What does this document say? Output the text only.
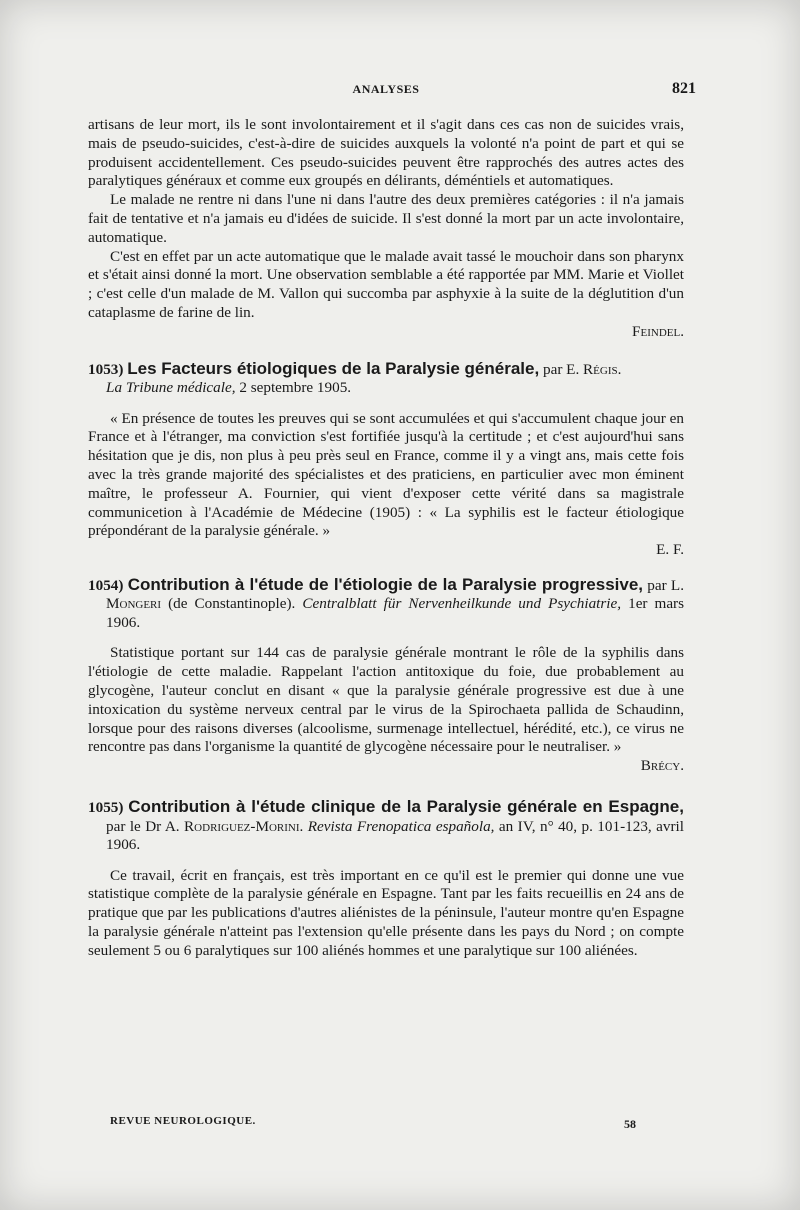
ANALYSES	821

artisans de leur mort, ils le sont involontairement et il s'agit dans ces cas non de suicides vrais, mais de pseudo-suicides, c'est-à-dire de suicides auxquels la volonté n'a point de part et qui se produisent accidentellement. Ces pseudo-suicides peuvent être rapprochés des autres actes des paralytiques généraux et comme eux groupés en délirants, déméntiels et automatiques.

Le malade ne rentre ni dans l'une ni dans l'autre des deux premières catégories : il n'a jamais fait de tentative et n'a jamais eu d'idées de suicide. Il s'est donné la mort par un acte involontaire, automatique.

C'est en effet par un acte automatique que le malade avait tassé le mouchoir dans son pharynx et s'était ainsi donné la mort. Une observation semblable a été rapportée par MM. Marie et Viollet ; c'est celle d'un malade de M. Vallon qui succomba par asphyxie à la suite de la déglutition d'un cataplasme de farine de lin.

Feindel.

1053) Les Facteurs étiologiques de la Paralysie générale, par E. Régis.
La Tribune médicale, 2 septembre 1905.

« En présence de toutes les preuves qui se sont accumulées et qui s'accumulent chaque jour en France et à l'étranger, ma conviction s'est fortifiée jusqu'à la certitude ; et c'est aujourd'hui sans hésitation que je dis, non plus à peu près seul en France, comme il y a vingt ans, mais cette fois avec la très grande majorité des spécialistes et des praticiens, en particulier avec mon éminent maître, le professeur A. Fournier, qui vient d'exposer cette vérité dans sa magistrale communicetion à l'Académie de Médecine (1905) : « La syphilis est le facteur étiologique prépondérant de la paralysie générale. »

E. F.

1054) Contribution à l'étude de l'étiologie de la Paralysie progressive, par L. Mongeri (de Constantinople). Centralblatt für Nervenheilkunde und Psychiatrie, 1er mars 1906.

Statistique portant sur 144 cas de paralysie générale montrant le rôle de la syphilis dans l'étiologie de cette maladie. Rappelant l'action antitoxique du foie, due probablement au glycogène, l'auteur conclut en disant « que la paralysie générale progressive est due à une intoxication du système nerveux central par le virus de la Spirochaeta pallida de Schaudinn, lorsque pour des raisons diverses (alcoolisme, surmenage intellectuel, hérédité, etc.), ce virus ne rencontre pas dans l'organisme la quantité de glycogène nécessaire pour le neutraliser. »

Brécy.

1055) Contribution à l'étude clinique de la Paralysie générale en Espagne, par le Dr A. Rodriguez-Morini. Revista Frenopatica española, an IV, n° 40, p. 101-123, avril 1906.

Ce travail, écrit en français, est très important en ce qu'il est le premier qui donne une vue statistique complète de la paralysie générale en Espagne. Tant par les faits recueillis en 24 ans de pratique que par les publications d'autres aliénistes de la péninsule, l'auteur montre qu'en Espagne la paralysie générale n'atteint pas l'extension qu'elle présente dans les pays du Nord ; on compte seulement 5 ou 6 paralytiques sur 100 aliénés hommes et une paralytique sur 100 aliénées.

REVUE NEUROLOGIQUE.	58
